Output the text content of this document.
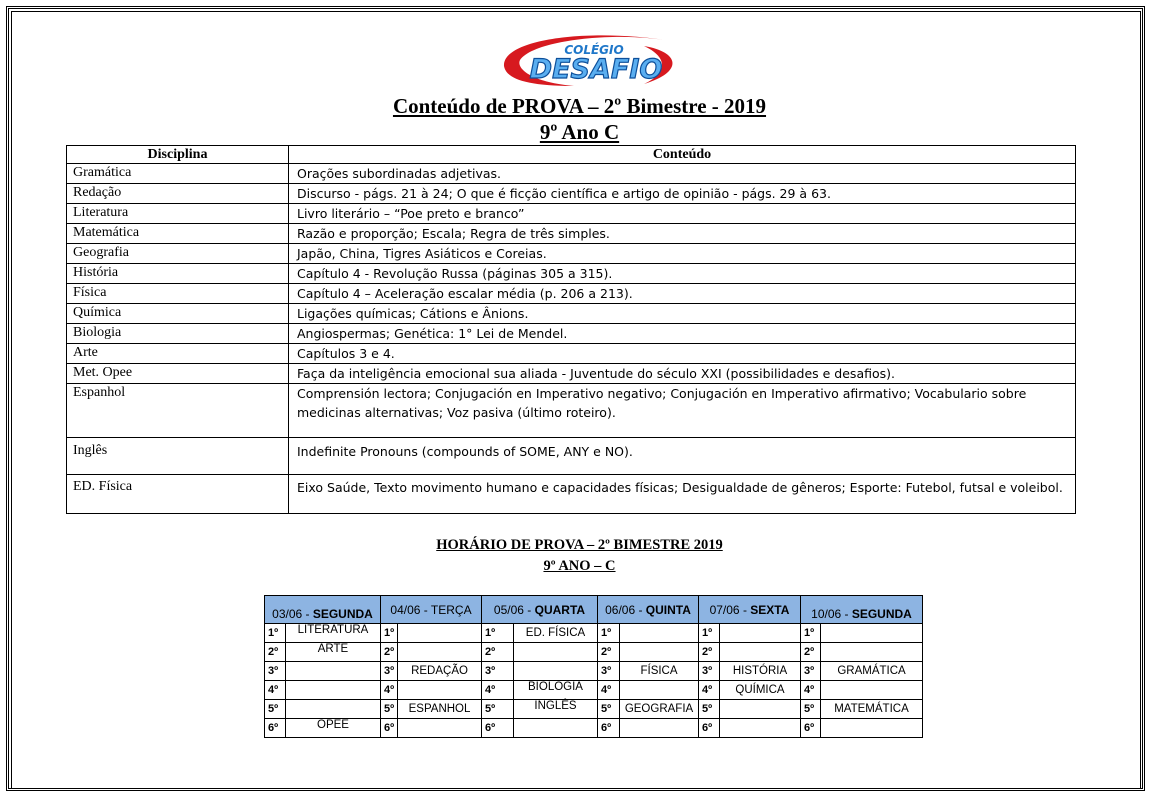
COLÉGIO
DESAFIO
Conteúdo de PROVA – 2º Bimestre - 2019
9º Ano C
Disciplina	Conteúdo
Gramática	Orações subordinadas adjetivas.
Redação	Discurso - págs. 21 à 24; O que é ficção científica e artigo de opinião - págs. 29 à 63.
Literatura	Livro literário – “Poe preto e branco”
Matemática	Razão e proporção; Escala; Regra de três simples.
Geografia	Japão, China, Tigres Asiáticos e Coreias.
História	Capítulo 4 - Revolução Russa (páginas 305 a 315).
Física	Capítulo 4 – Aceleração escalar média (p. 206 a 213).
Química	Ligações químicas; Cátions e Ânions.
Biologia	Angiospermas; Genética: 1° Lei de Mendel.
Arte	Capítulos 3 e 4.
Met. Opee	Faça da inteligência emocional sua aliada - Juventude do século XXI (possibilidades e desafios).
Espanhol	Comprensión lectora; Conjugación en Imperativo negativo; Conjugación en Imperativo afirmativo; Vocabulario sobre medicinas alternativas; Voz pasiva (último roteiro).
Inglês	Indefinite Pronouns (compounds of SOME, ANY e NO).
ED. Física	Eixo Saúde, Texto movimento humano e capacidades físicas; Desigualdade de gêneros; Esporte: Futebol, futsal e voleibol.
HORÁRIO DE PROVA – 2º BIMESTRE 2019
9º ANO – C
03/06 - SEGUNDA		04/06 - TERÇA		05/06 - QUARTA		06/06 - QUINTA		07/06 - SEXTA		10/06 - SEGUNDA	
1º	LITERATURA	1º		1º	ED. FÍSICA	1º		1º		1º	
2º	ARTE	2º		2º		2º		2º		2º	
3º		3º	REDAÇÃO	3º		3º	FÍSICA	3º	HISTÓRIA	3º	GRAMÁTICA
4º		4º		4º	BIOLOGIA	4º		4º	QUÍMICA	4º	
5º		5º	ESPANHOL	5º	INGLÊS	5º	GEOGRAFIA	5º		5º	MATEMÁTICA
6º	OPEE	6º		6º		6º		6º		6º	
